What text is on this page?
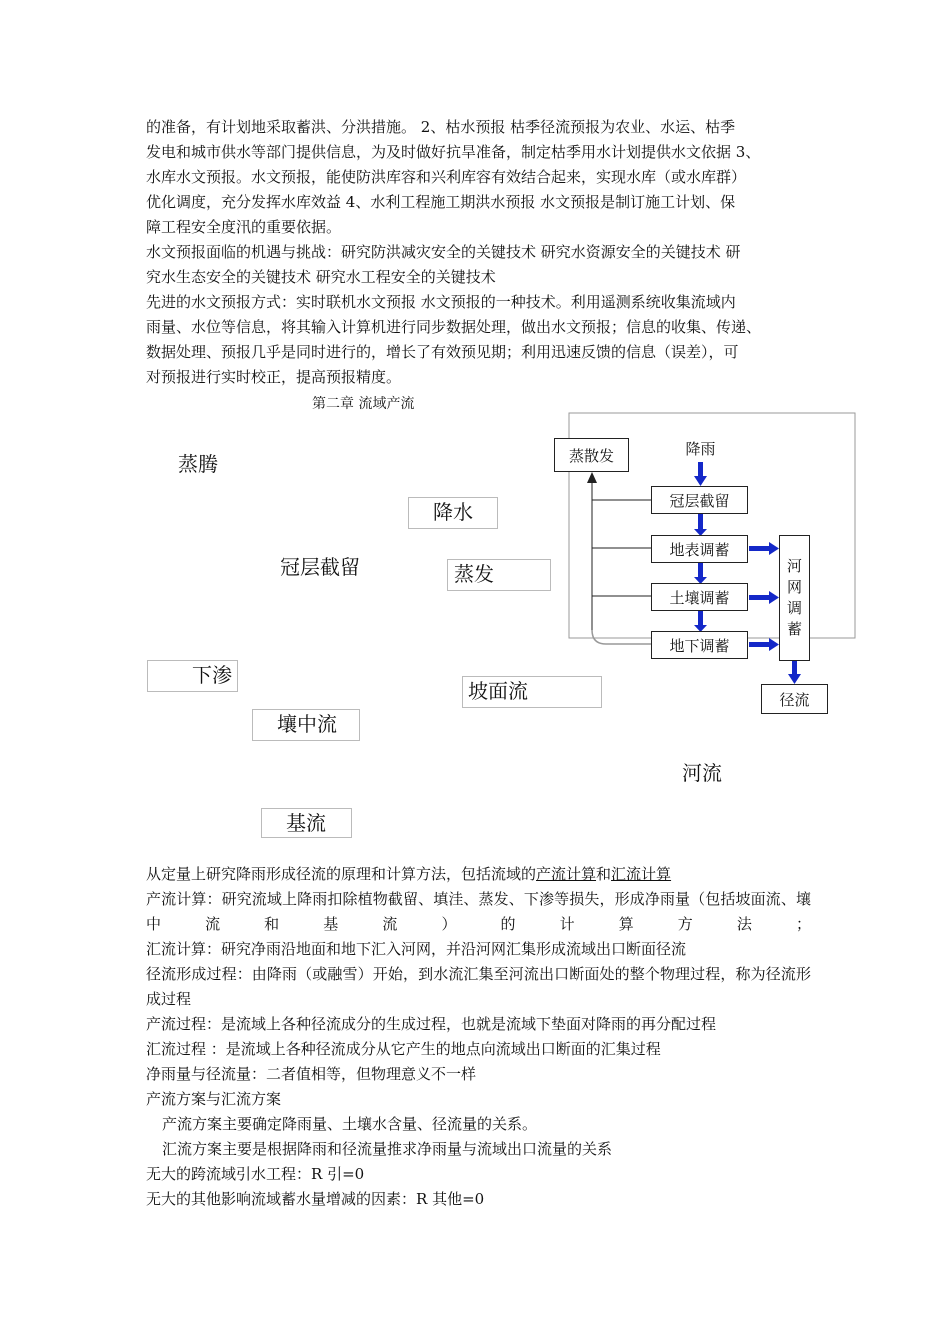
的准备，有计划地采取蓄洪、分洪措施。 2、枯水预报 枯季径流预报为农业、水运、枯季
发电和城市供水等部门提供信息，为及时做好抗旱准备，制定枯季用水计划提供水文依据 3、
水库水文预报。水文预报，能使防洪库容和兴利库容有效结合起来，实现水库（或水库群）
优化调度，充分发挥水库效益 4、水利工程施工期洪水预报 水文预报是制订施工计划、保
障工程安全度汛的重要依据。
水文预报面临的机遇与挑战：研究防洪减灾安全的关键技术 研究水资源安全的关键技术 研
究水生态安全的关键技术 研究水工程安全的关键技术
先进的水文预报方式：实时联机水文预报 水文预报的一种技术。利用遥测系统收集流域内
雨量、水位等信息，将其输入计算机进行同步数据处理，做出水文预报；信息的收集、传递、
数据处理、预报几乎是同时进行的，增长了有效预见期；利用迅速反馈的信息（误差），可
对预报进行实时校正，提高预报精度。
第二章 流域产流
蒸腾
降水
冠层截留	蒸发
下渗
坡面流
壤中流
河流
基流
蒸散发	降雨
冠层截留
地表调蓄
土壤调蓄
地下调蓄
河网调蓄
径流
从定量上研究降雨形成径流的原理和计算方法，包括流域的产流计算和汇流计算
产流计算：研究流域上降雨扣除植物截留、填洼、蒸发、下渗等损失，形成净雨量（包括坡面流、壤中流和基流）的计算方法；
汇流计算：研究净雨沿地面和地下汇入河网，并沿河网汇集形成流域出口断面径流
径流形成过程：由降雨（或融雪）开始，到水流汇集至河流出口断面处的整个物理过程，称为径流形成过程
产流过程：是流域上各种径流成分的生成过程，也就是流域下垫面对降雨的再分配过程
汇流过程 ：是流域上各种径流成分从它产生的地点向流域出口断面的汇集过程
净雨量与径流量：二者值相等，但物理意义不一样
产流方案与汇流方案
产流方案主要确定降雨量、土壤水含量、径流量的关系。
汇流方案主要是根据降雨和径流量推求净雨量与流域出口流量的关系
无大的跨流域引水工程：R 引=0
无大的其他影响流域蓄水量增减的因素：R 其他=0
